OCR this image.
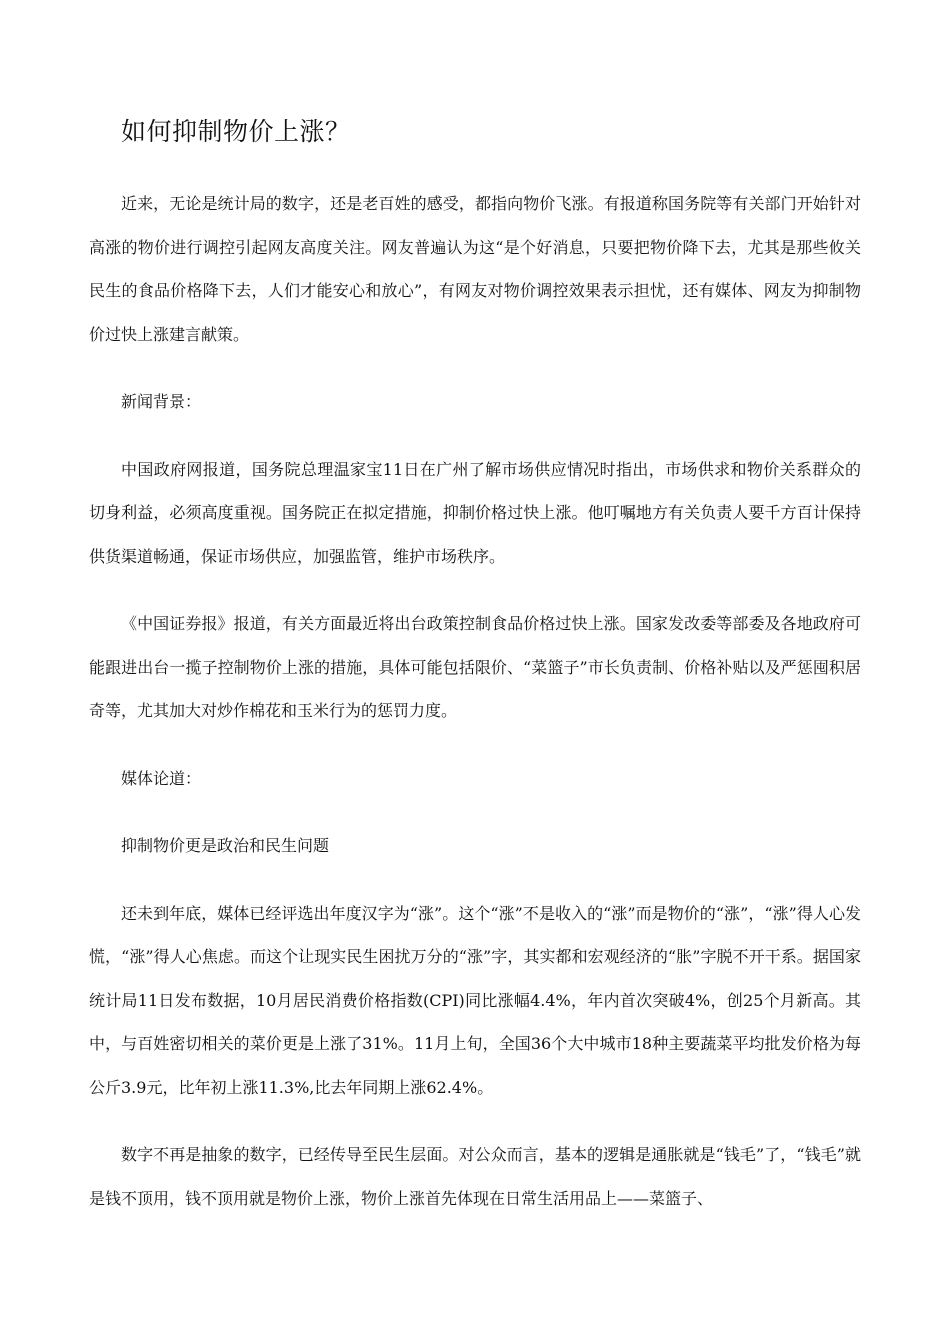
如何抑制物价上涨？

近来，无论是统计局的数字，还是老百姓的感受，都指向物价飞涨。有报道称国务院等有关部门开始针对高涨的物价进行调控引起网友高度关注。网友普遍认为这“是个好消息，只要把物价降下去，尤其是那些攸关民生的食品价格降下去，人们才能安心和放心”，有网友对物价调控效果表示担忧，还有媒体、网友为抑制物价过快上涨建言献策。

新闻背景：

中国政府网报道，国务院总理温家宝11日在广州了解市场供应情况时指出，市场供求和物价关系群众的切身利益，必须高度重视。国务院正在拟定措施，抑制价格过快上涨。他叮嘱地方有关负责人要千方百计保持供货渠道畅通，保证市场供应，加强监管，维护市场秩序。

《中国证券报》报道，有关方面最近将出台政策控制食品价格过快上涨。国家发改委等部委及各地政府可能跟进出台一揽子控制物价上涨的措施，具体可能包括限价、“菜篮子”市长负责制、价格补贴以及严惩囤积居奇等，尤其加大对炒作棉花和玉米行为的惩罚力度。

媒体论道：

抑制物价更是政治和民生问题

还未到年底，媒体已经评选出年度汉字为“涨”。这个“涨”不是收入的“涨”而是物价的“涨”，“涨”得人心发慌，“涨”得人心焦虑。而这个让现实民生困扰万分的“涨”字，其实都和宏观经济的“胀”字脱不开干系。据国家统计局11日发布数据，10月居民消费价格指数(CPI)同比涨幅4.4%，年内首次突破4%，创25个月新高。其中，与百姓密切相关的菜价更是上涨了31%。11月上旬，全国36个大中城市18种主要蔬菜平均批发价格为每公斤3.9元，比年初上涨11.3%,比去年同期上涨62.4%。

数字不再是抽象的数字，已经传导至民生层面。对公众而言，基本的逻辑是通胀就是“钱毛”了，“钱毛”就是钱不顶用，钱不顶用就是物价上涨，物价上涨首先体现在日常生活用品上——菜篮子、
